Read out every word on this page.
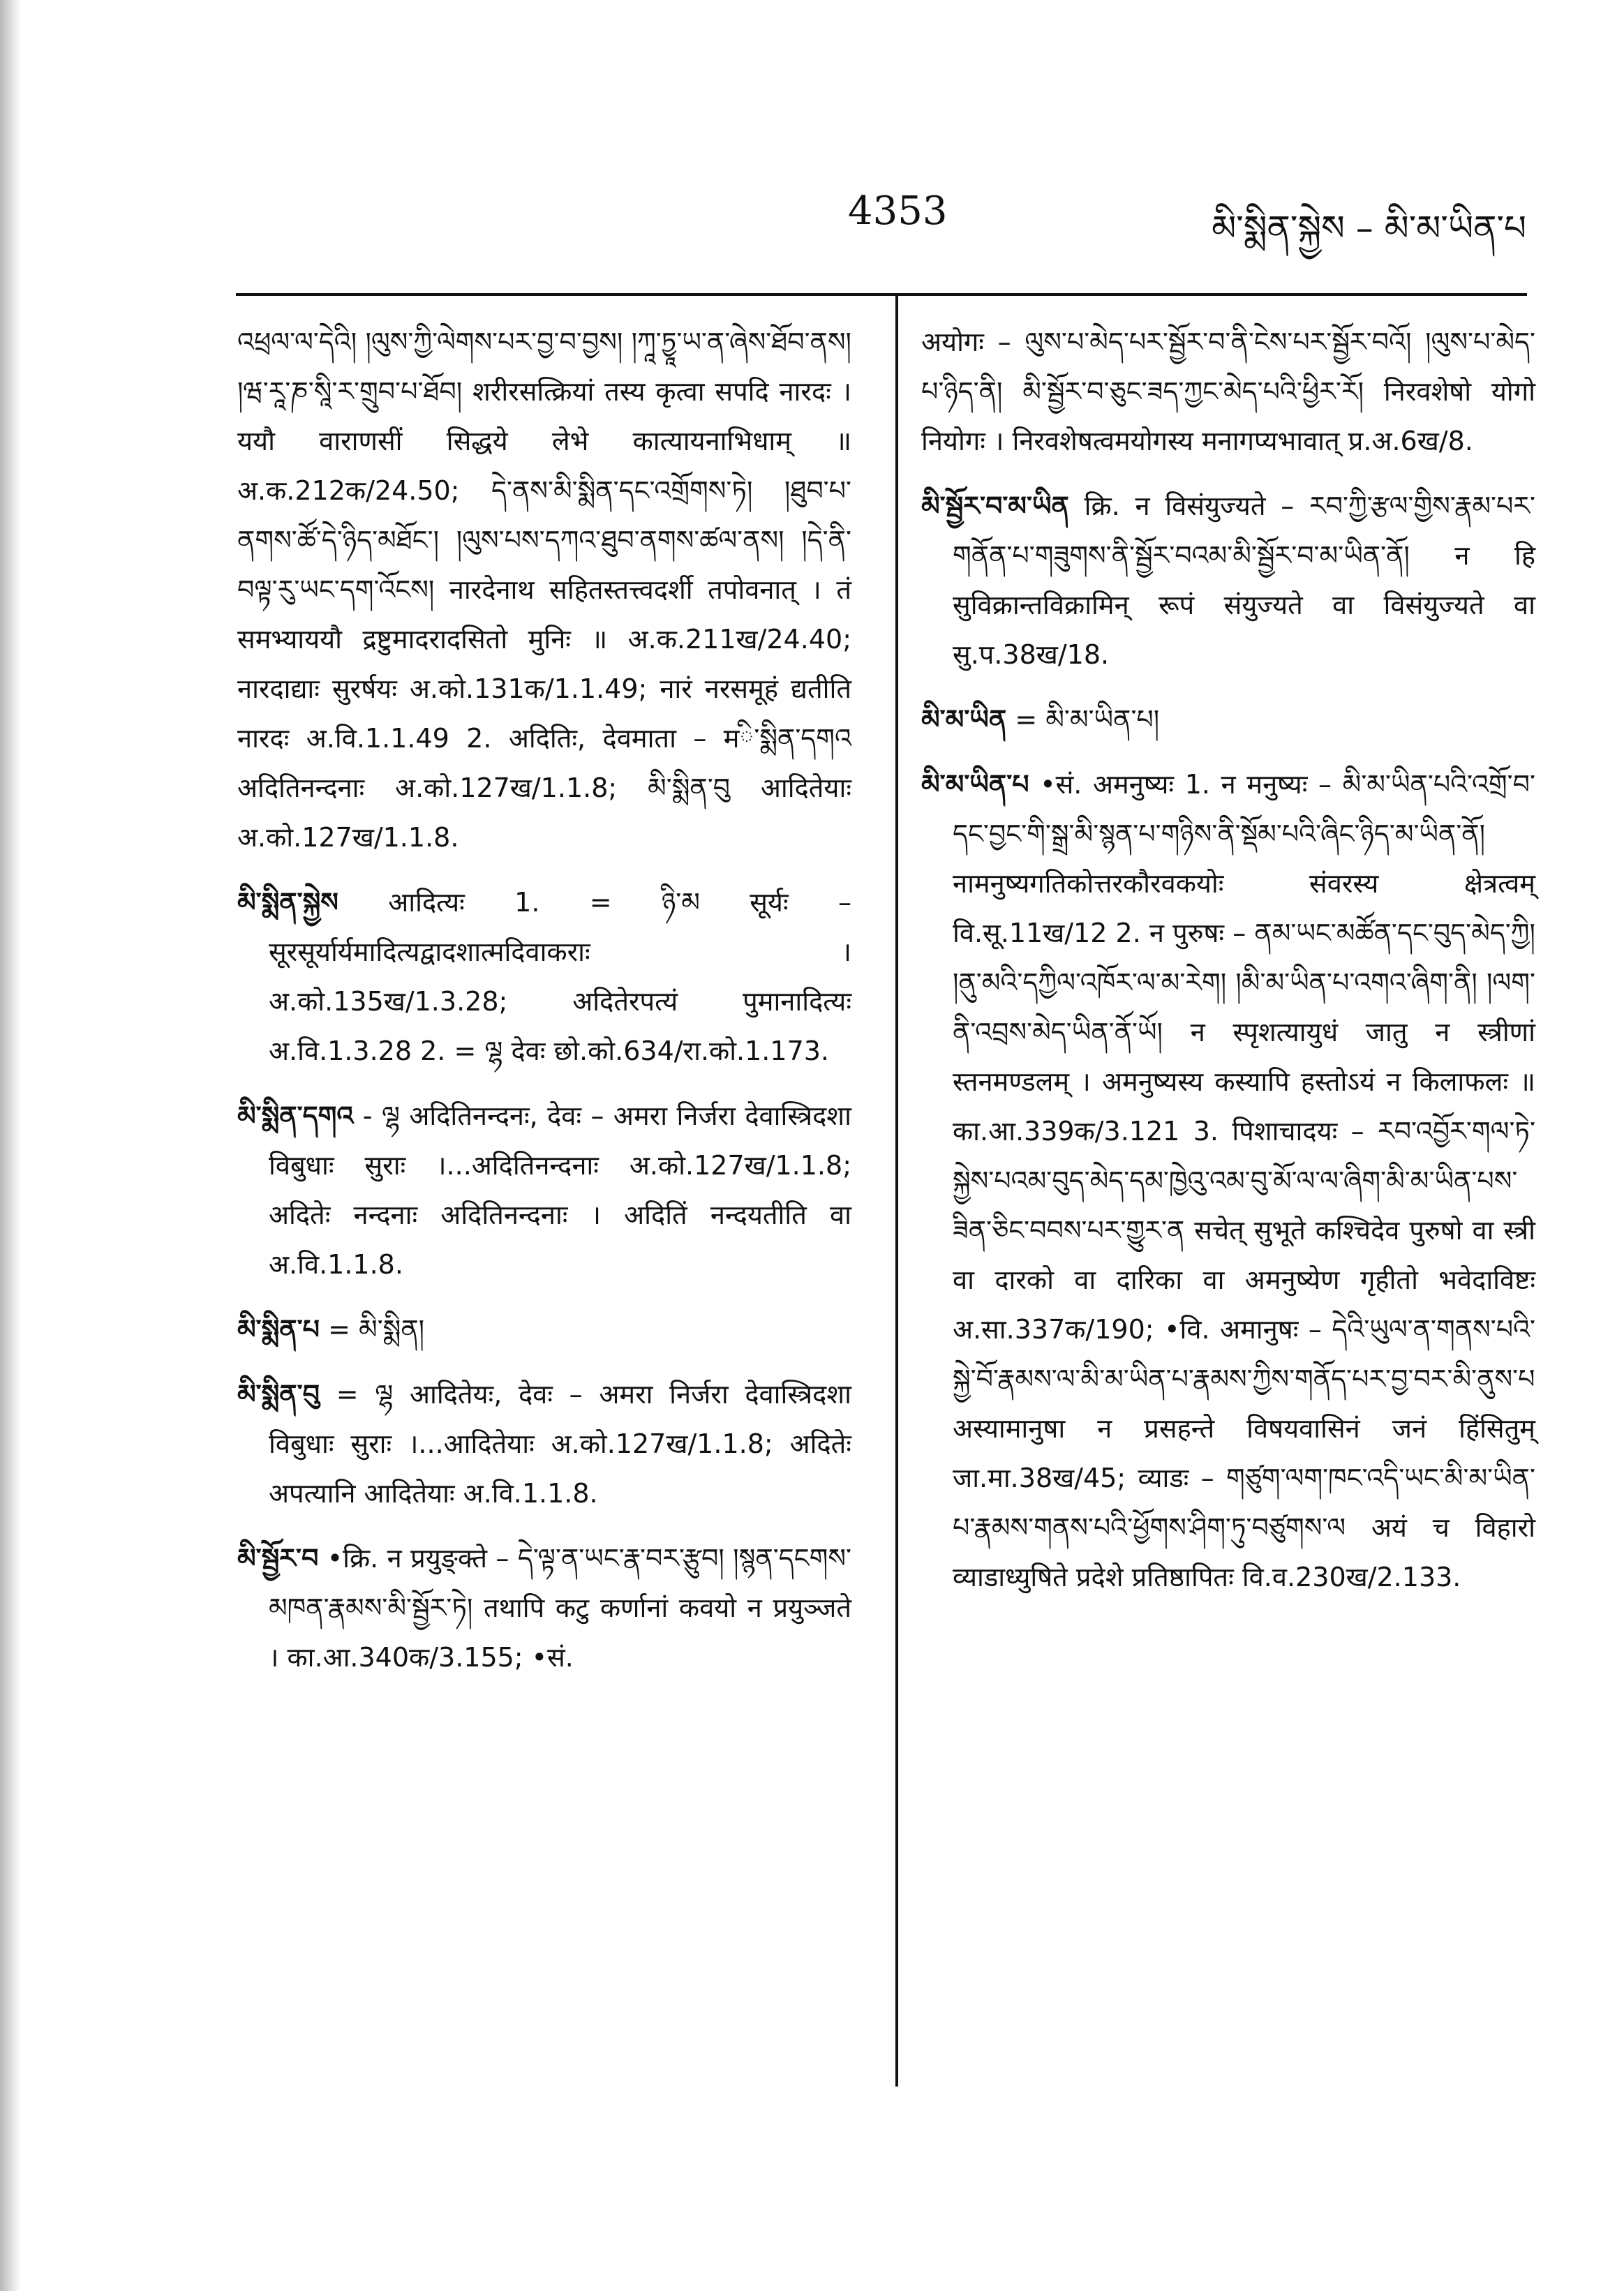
4353	མི་སྨིན་སྐྱེས – མི་མ་ཡིན་པ

འཕྲལ་ལ་དེའི། །ལུས་ཀྱི་ལེགས་པར་བྱ་བ་བྱས། །ཀཱ་ཏྱཱ་ཡ་ན་ཞེས་ཐོབ་ནས། །ཝ་རཱ་ཎ་སཱི་ར་གྲུབ་པ་ཐོབ། शरीरसत्क्रियां तस्य कृत्वा सपदि नारदः । ययौ वाराणसीं सिद्धये लेभे कात्यायनाभिधाम् ॥ अ.क.212क/24.50; དེ་ནས་མི་སྨིན་དང་འགྲོགས་ཏེ། །ཐུབ་པ་ནགས་ཚོ་དེ་ཉིད་མཐོང་། །ལུས་པས་དཀའ་ཐུབ་ནགས་ཚལ་ནས། །དེ་ནི་བལྟ་རུ་ཡང་དག་འོངས། नारदेनाथ सहितस्तत्त्वदर्शी तपोवनात् । तं समभ्याययौ द्रष्टुमादरादसितो मुनिः ॥ अ.क.211ख/24.40; नारदाद्याः सुरर्षयः अ.को.131क/1.1.49; नारं नरसमूहं द्यतीति नारदः अ.वि.1.1.49 2. अदितिः, देवमाता – मི་སྨིན་དགའ अदितिनन्दनाः अ.को.127ख/1.1.8; མི་སྨིན་བུ आदितेयाः अ.को.127ख/1.1.8.

མི་སྨིན་སྐྱེས आदित्यः 1. = ཉི་མ सूर्यः – सूरसूर्यार्यमादित्यद्वादशात्मदिवाकराः । अ.को.135ख/1.3.28; अदितेरपत्यं पुमानादित्यः अ.वि.1.3.28 2. = ལྷ देवः छो.को.634/रा.को.1.173.

མི་སྨིན་དགའ - ལྷ अदितिनन्दनः, देवः – अमरा निर्जरा देवास्त्रिदशा विबुधाः सुराः ।...अदितिनन्दनाः अ.को.127ख/1.1.8; अदितेः नन्दनाः अदितिनन्दनाः । अदितिं नन्दयतीति वा अ.वि.1.1.8.

མི་སྨིན་པ = མི་སྨིན།

མི་སྨིན་བུ = ལྷ आदितेयः, देवः – अमरा निर्जरा देवास्त्रिदशा विबुधाः सुराः ।...आदितेयाः अ.को.127ख/1.1.8; अदितेः अपत्यानि आदितेयाः अ.वि.1.1.8.

མི་སྦྱོར་བ •क्रि. न प्रयुङ्क्ते – དེ་ལྟ་ན་ཡང་རྣ་བར་རྩུབ། །སྙན་དངགས་མཁན་རྣམས་མི་སྦྱོར་ཏེ། तथापि कटु कर्णानां कवयो न प्रयुञ्जते । का.आ.340क/3.155; •सं.

अयोगः – ལུས་པ་མེད་པར་སྦྱོར་བ་ནི་ངེས་པར་སྦྱོར་བའོ། །ལུས་པ་མེད་པ་ཉིད་ནི། མི་སྦྱོར་བ་ཅུང་ཟད་ཀྱང་མེད་པའི་ཕྱིར་རོ། निरवशेषो योगो नियोगः । निरवशेषत्वमयोगस्य मनागप्यभावात् प्र.अ.6ख/8.

མི་སྦྱོར་བ་མ་ཡིན क्रि. न विसंयुज्यते – རབ་ཀྱི་རྩལ་གྱིས་རྣམ་པར་གནོན་པ་གཟུགས་ནི་སྦྱོར་བའམ་མི་སྦྱོར་བ་མ་ཡིན་ནོ། न हि सुविक्रान्तविक्रामिन् रूपं संयुज्यते वा विसंयुज्यते वा सु.प.38ख/18.

མི་མ་ཡིན = མི་མ་ཡིན་པ།

མི་མ་ཡིན་པ •सं. अमनुष्यः 1. न मनुष्यः – མི་མ་ཡིན་པའི་འགྲོ་བ་དང་བྱང་གི་སྒྲ་མི་སྙན་པ་གཉིས་ནི་སྡོམ་པའི་ཞིང་ཉིད་མ་ཡིན་ནོ། नामनुष्यगतिकोत्तरकौरवकयोः संवरस्य क्षेत्रत्वम् वि.सू.11ख/12 2. न पुरुषः – ནམ་ཡང་མཚོན་དང་བུད་མེད་ཀྱི། །ནུ་མའི་དཀྱིལ་འཁོར་ལ་མ་རེག། །མི་མ་ཡིན་པ་འགའ་ཞིག་ནི། །ལག་ནི་འབྲས་མེད་ཡིན་ནོ་ཡོ། न स्पृशत्यायुधं जातु न स्त्रीणां स्तनमण्डलम् । अमनुष्यस्य कस्यापि हस्तोऽयं न किलाफलः ॥ का.आ.339क/3.121 3. पिशाचादयः – རབ་འབྱོར་གལ་ཏེ་སྐྱེས་པའམ་བུད་མེད་དམ་ཁྱེའུ་འམ་བུ་མོ་ལ་ལ་ཞིག་མི་མ་ཡིན་པས་ཟིན་ཅིང་བབས་པར་གྱུར་ན सचेत् सुभूते कश्चिदेव पुरुषो वा स्त्री वा दारको वा दारिका वा अमनुष्येण गृहीतो भवेदाविष्टः अ.सा.337क/190; •वि. अमानुषः – དེའི་ཡུལ་ན་གནས་པའི་སྐྱེ་བོ་རྣམས་ལ་མི་མ་ཡིན་པ་རྣམས་ཀྱིས་གནོད་པར་བྱ་བར་མི་ནུས་པ अस्यामानुषा न प्रसहन्ते विषयवासिनं जनं हिंसितुम् जा.मा.38ख/45; व्याडः – གཙུག་ལག་ཁང་འདི་ཡང་མི་མ་ཡིན་པ་རྣམས་གནས་པའི་ཕྱོགས་ཤིག་ཏུ་བཙུགས་ལ अयं च विहारो व्याडाध्युषिते प्रदेशे प्रतिष्ठापितः वि.व.230ख/2.133.
